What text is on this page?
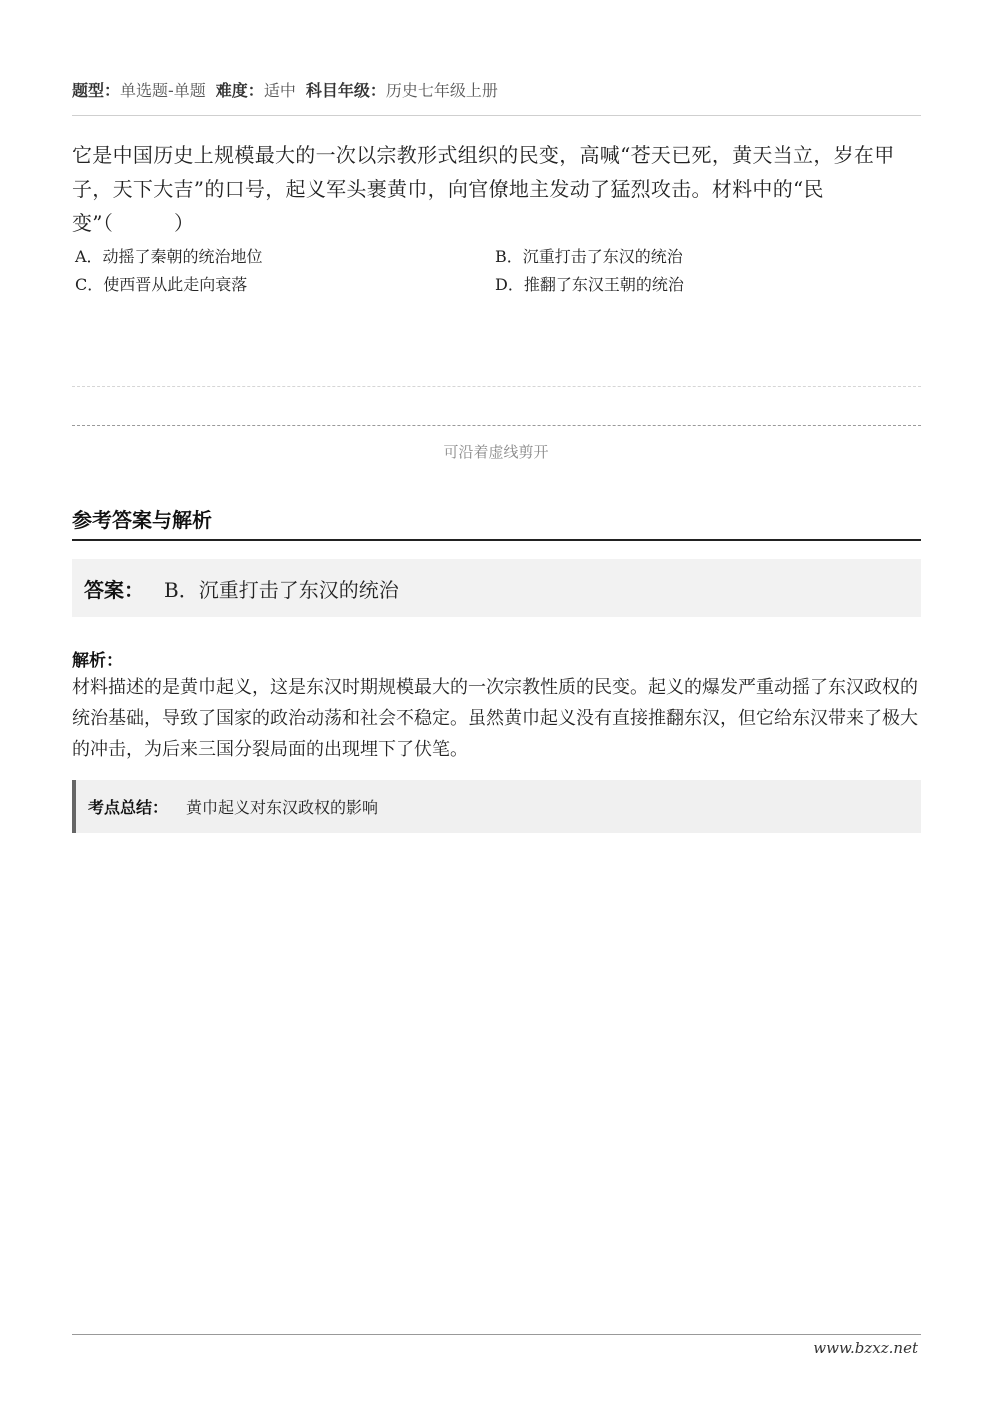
题型：单选题-单题 难度：适中 科目年级：历史七年级上册
它是中国历史上规模最大的一次以宗教形式组织的民变，高喊“苍天已死，黄天当立，岁在甲子，天下大吉”的口号，起义军头裹黄巾，向官僚地主发动了猛烈攻击。材料中的“民变”（　　　）
A．动摇了秦朝的统治地位	B．沉重打击了东汉的统治
C．使西晋从此走向衰落	D．推翻了东汉王朝的统治
可沿着虚线剪开
参考答案与解析
答案： B．沉重打击了东汉的统治
解析：
材料描述的是黄巾起义，这是东汉时期规模最大的一次宗教性质的民变。起义的爆发严重动摇了东汉政权的统治基础，导致了国家的政治动荡和社会不稳定。虽然黄巾起义没有直接推翻东汉，但它给东汉带来了极大的冲击，为后来三国分裂局面的出现埋下了伏笔。
考点总结： 黄巾起义对东汉政权的影响
www.bzxz.net
